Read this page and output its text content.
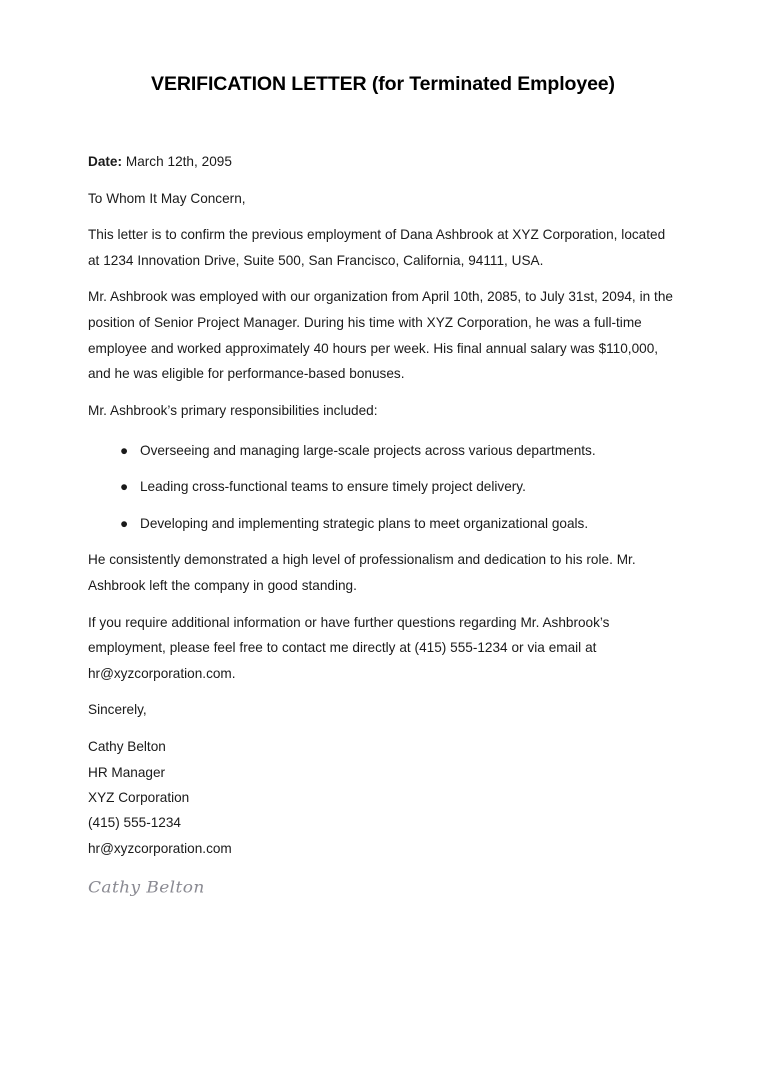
VERIFICATION LETTER (for Terminated Employee)

Date: March 12th, 2095

To Whom It May Concern,

This letter is to confirm the previous employment of Dana Ashbrook at XYZ Corporation, located at 1234 Innovation Drive, Suite 500, San Francisco, California, 94111, USA.

Mr. Ashbrook was employed with our organization from April 10th, 2085, to July 31st, 2094, in the position of Senior Project Manager. During his time with XYZ Corporation, he was a full-time employee and worked approximately 40 hours per week. His final annual salary was $110,000, and he was eligible for performance-based bonuses.

Mr. Ashbrook’s primary responsibilities included:

● Overseeing and managing large-scale projects across various departments.
● Leading cross-functional teams to ensure timely project delivery.
● Developing and implementing strategic plans to meet organizational goals.

He consistently demonstrated a high level of professionalism and dedication to his role. Mr. Ashbrook left the company in good standing.

If you require additional information or have further questions regarding Mr. Ashbrook’s employment, please feel free to contact me directly at (415) 555-1234 or via email at hr@xyzcorporation.com.

Sincerely,

Cathy Belton

HR Manager

XYZ Corporation

(415) 555-1234

hr@xyzcorporation.com

Cathy Belton
